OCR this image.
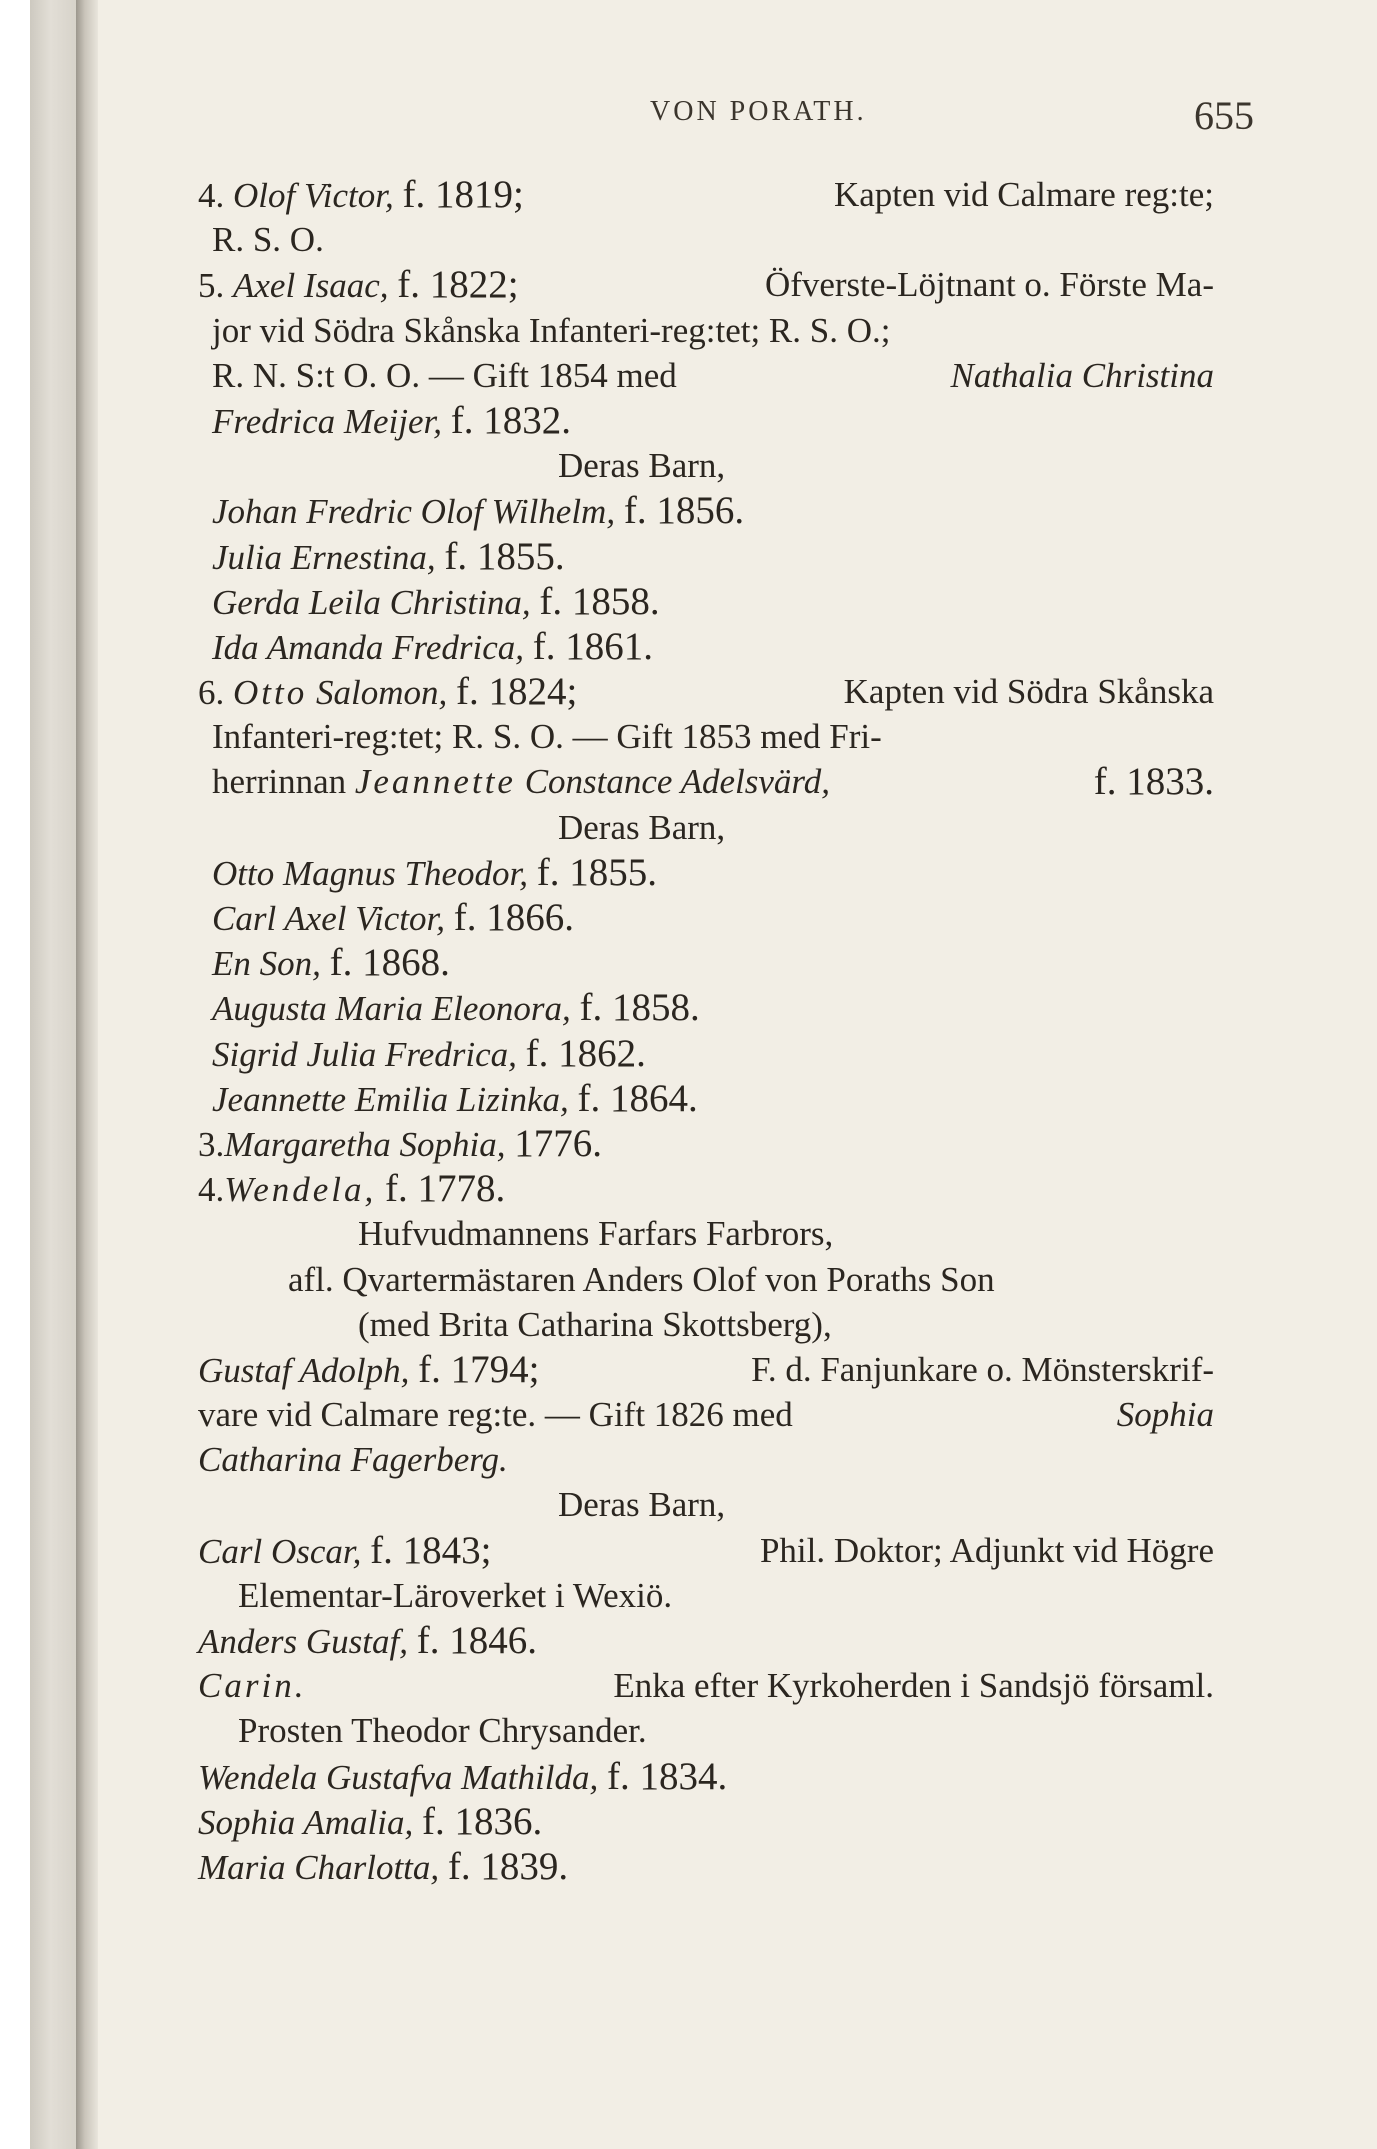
VON PORATH.	655
4. Olof Victor, f. 1819;	Kapten vid Calmare reg:te;
R. S. O.
5. Axel Isaac, f. 1822;	Öfverste-Löjtnant o. Förste Ma-
jor vid Södra Skånska Infanteri-reg:tet; R. S. O.;
R. N. S:t O. O. — Gift 1854 med	Nathalia Christina
Fredrica Meijer, f. 1832.
Deras Barn,
Johan Fredric Olof Wilhelm, f. 1856.
Julia Ernestina, f. 1855.
Gerda Leila Christina, f. 1858.
Ida Amanda Fredrica, f. 1861.
6. Otto Salomon, f. 1824;	Kapten vid Södra Skånska
Infanteri-reg:tet; R. S. O. — Gift 1853 med Fri-
herrinnan Jeannette Constance Adelsvärd,	f. 1833.
Deras Barn,
Otto Magnus Theodor, f. 1855.
Carl Axel Victor, f. 1866.
En Son, f. 1868.
Augusta Maria Eleonora, f. 1858.
Sigrid Julia Fredrica, f. 1862.
Jeannette Emilia Lizinka, f. 1864.
3.Margaretha Sophia, 1776.
4.Wendela, f. 1778.
Hufvudmannens Farfars Farbrors,
afl. Qvartermästaren Anders Olof von Poraths Son
(med Brita Catharina Skottsberg),
Gustaf Adolph, f. 1794;	F. d. Fanjunkare o. Mönsterskrif-
vare vid Calmare reg:te. — Gift 1826 med	Sophia
Catharina Fagerberg.
Deras Barn,
Carl Oscar, f. 1843;	Phil. Doktor; Adjunkt vid Högre
Elementar-Läroverket i Wexiö.
Anders Gustaf, f. 1846.
Carin.	Enka efter Kyrkoherden i Sandsjö församl.
Prosten Theodor Chrysander.
Wendela Gustafva Mathilda, f. 1834.
Sophia Amalia, f. 1836.
Maria Charlotta, f. 1839.
